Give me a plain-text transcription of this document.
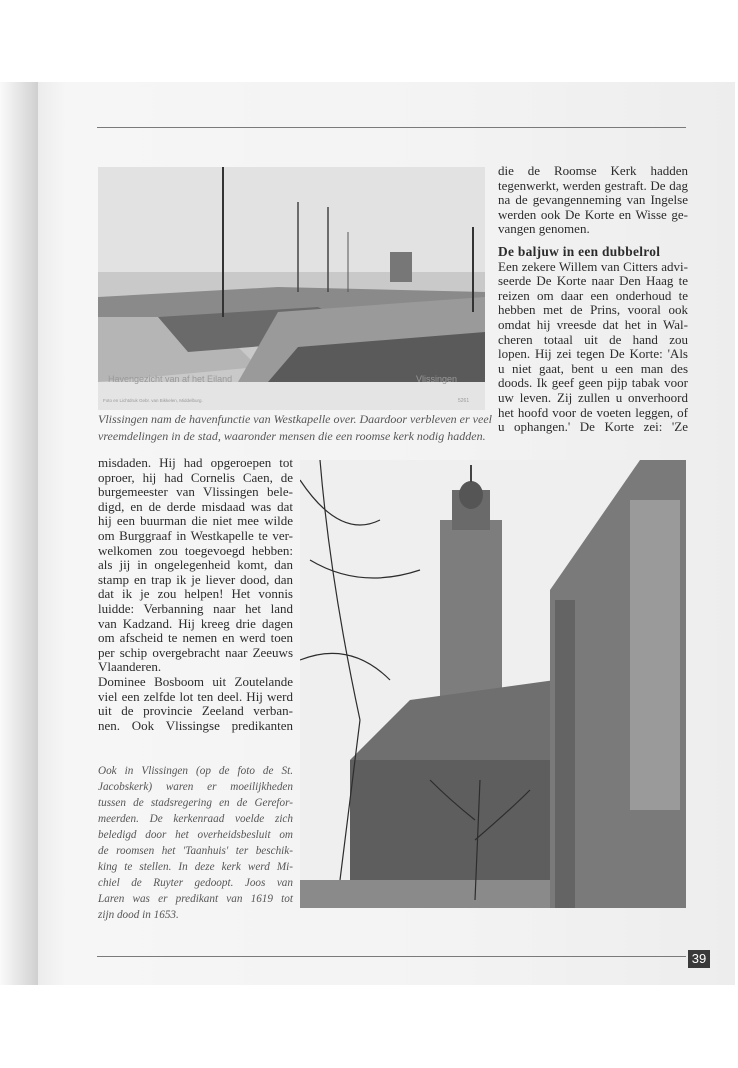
Havengezicht van af het Eiland	Vlissingen
Foto en Lichtdruk Gebr. van Bikkelen, Middelburg.	5261
Vlissingen nam de havenfunctie van Westkapelle over. Daardoor verbleven er veel
vreemdelingen in de stad, waaronder mensen die een roomse kerk nodig hadden.
die de Roomse Kerk hadden
tegenwerkt, werden gestraft. De dag
na de gevangenneming van Ingelse
werden ook De Korte en Wisse ge-
vangen genomen.
De baljuw in een dubbelrol
Een zekere Willem van Citters advi-
seerde De Korte naar Den Haag te
reizen om daar een onderhoud te
hebben met de Prins, vooral ook
omdat hij vreesde dat het in Wal-
cheren totaal uit de hand zou
lopen. Hij zei tegen De Korte: 'Als
u niet gaat, bent u een man des
doods. Ik geef geen pijp tabak voor
uw leven. Zij zullen u onverhoord
het hoofd voor de voeten leggen, of
u ophangen.' De Korte zei: 'Ze
misdaden. Hij had opgeroepen tot
oproer, hij had Cornelis Caen, de
burgemeester van Vlissingen bele-
digd, en de derde misdaad was dat
hij een buurman die niet mee wilde
om Burggraaf in Westkapelle te ver-
welkomen zou toegevoegd hebben:
als jij in ongelegenheid komt, dan
stamp en trap ik je liever dood, dan
dat ik je zou helpen! Het vonnis
luidde: Verbanning naar het land
van Kadzand. Hij kreeg drie dagen
om afscheid te nemen en werd toen
per schip overgebracht naar Zeeuws
Vlaanderen.
Dominee Bosboom uit Zoutelande
viel een zelfde lot ten deel. Hij werd
uit de provincie Zeeland verban-
nen. Ook Vlissingse predikanten
Ook in Vlissingen (op de foto de St.
Jacobskerk) waren er moeilijkheden
tussen de stadsregering en de Gerefor-
meerden. De kerkenraad voelde zich
beledigd door het overheidsbesluit om
de roomsen het 'Taanhuis' ter beschik-
king te stellen. In deze kerk werd Mi-
chiel de Ruyter gedoopt. Joos van
Laren was er predikant van 1619 tot
zijn dood in 1653.
39
